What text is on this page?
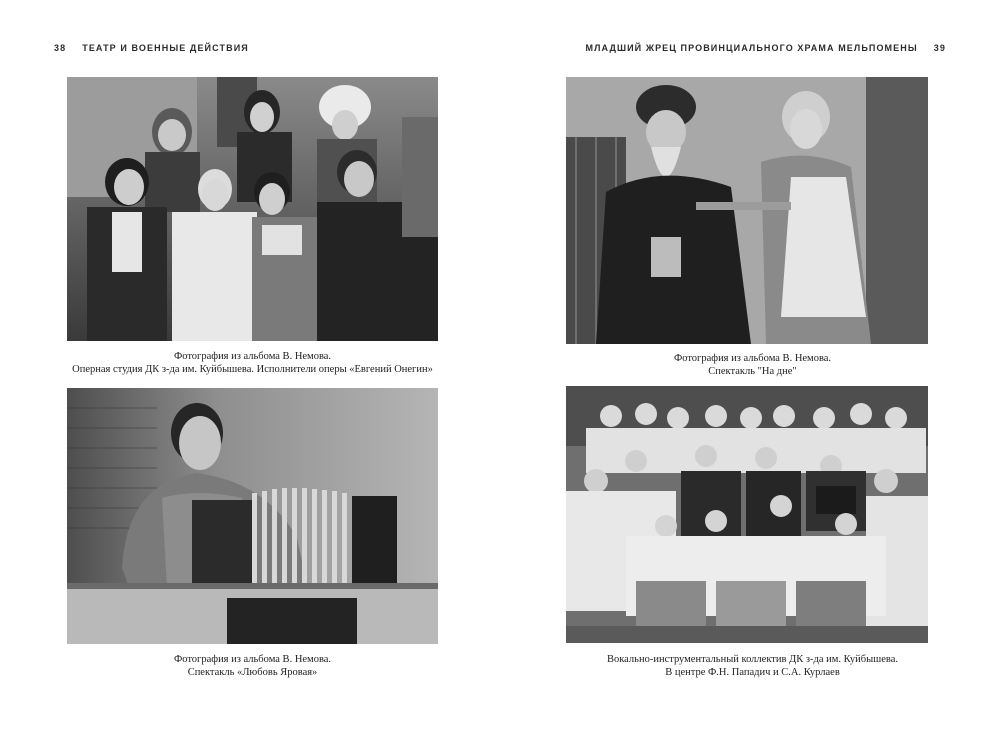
38 ТЕАТР И ВОЕННЫЕ ДЕЙСТВИЯ
Фотография из альбома В. Немова.
Оперная студия ДК з-да им. Куйбышева. Исполнители оперы «Евгений Онегин»
Фотография из альбома В. Немова.
Спектакль «Любовь Яровая»
МЛАДШИЙ ЖРЕЦ ПРОВИНЦИАЛЬНОГО ХРАМА МЕЛЬПОМЕНЫ 39
Фотография из альбома В. Немова.
Спектакль "На дне"
Вокально-инструментальный коллектив ДК з-да им. Куйбышева.
В центре Ф.Н. Пападич и С.А. Курлаев
